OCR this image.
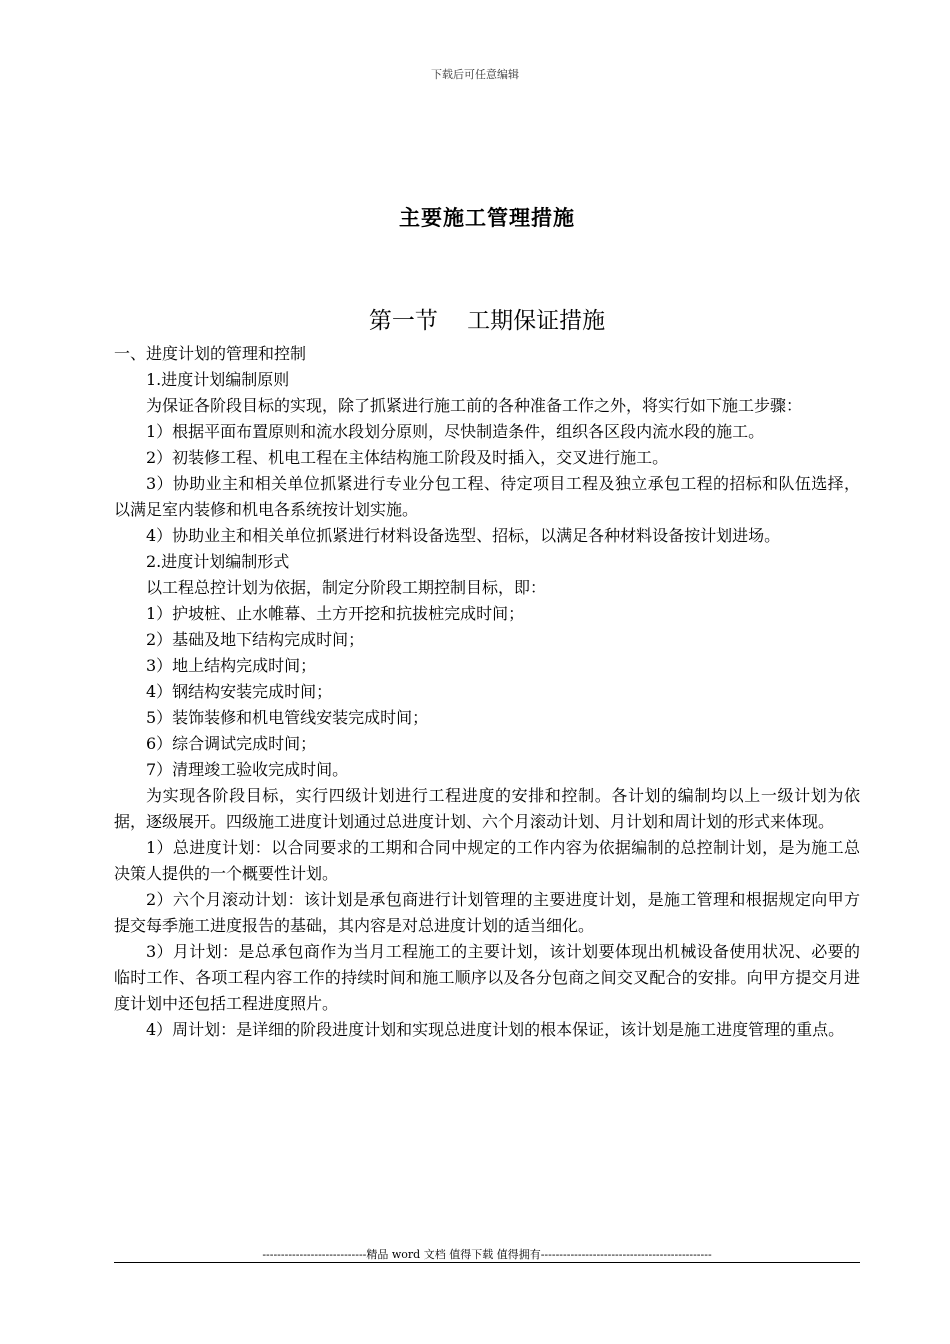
下载后可任意编辑
主要施工管理措施
第一节    工期保证措施

一、进度计划的管理和控制

1.进度计划编制原则

为保证各阶段目标的实现，除了抓紧进行施工前的各种准备工作之外，将实行如下施工步骤：

1）根据平面布置原则和流水段划分原则，尽快制造条件，组织各区段内流水段的施工。

2）初装修工程、机电工程在主体结构施工阶段及时插入，交叉进行施工。

3）协助业主和相关单位抓紧进行专业分包工程、待定项目工程及独立承包工程的招标和队伍选择，以满足室内装修和机电各系统按计划实施。

4）协助业主和相关单位抓紧进行材料设备选型、招标，以满足各种材料设备按计划进场。

2.进度计划编制形式

以工程总控计划为依据，制定分阶段工期控制目标，即：

1）护坡桩、止水帷幕、土方开挖和抗拔桩完成时间；

2）基础及地下结构完成时间；

3）地上结构完成时间；

4）钢结构安装完成时间；

5）装饰装修和机电管线安装完成时间；

6）综合调试完成时间；

7）清理竣工验收完成时间。

为实现各阶段目标，实行四级计划进行工程进度的安排和控制。各计划的编制均以上一级计划为依据，逐级展开。四级施工进度计划通过总进度计划、六个月滚动计划、月计划和周计划的形式来体现。

1）总进度计划：以合同要求的工期和合同中规定的工作内容为依据编制的总控制计划，是为施工总决策人提供的一个概要性计划。

2）六个月滚动计划：该计划是承包商进行计划管理的主要进度计划，是施工管理和根据规定向甲方提交每季施工进度报告的基础，其内容是对总进度计划的适当细化。

3）月计划：是总承包商作为当月工程施工的主要计划，该计划要体现出机械设备使用状况、必要的临时工作、各项工程内容工作的持续时间和施工顺序以及各分包商之间交叉配合的安排。向甲方提交月进度计划中还包括工程进度照片。

4）周计划：是详细的阶段进度计划和实现总进度计划的根本保证，该计划是施工进度管理的重点。

----------------------------精品 word 文档 值得下载 值得拥有----------------------------------------------
